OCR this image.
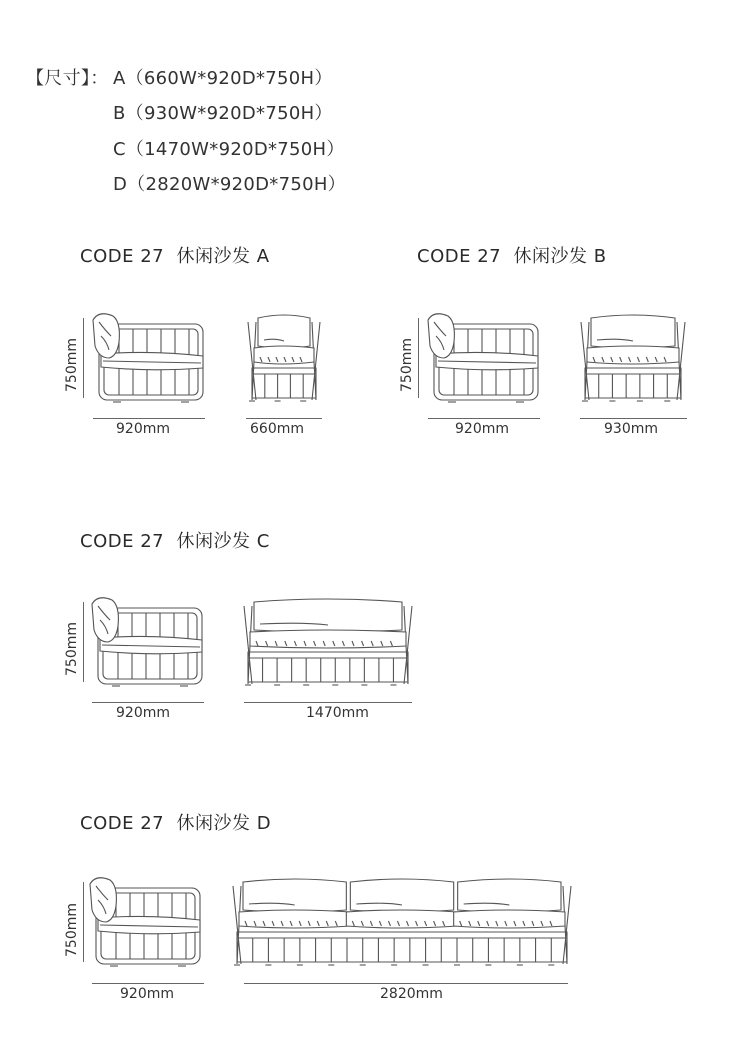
【尺寸】： A（660W*920D*750H）
B（930W*920D*750H）
C（1470W*920D*750H）
D（2820W*920D*750H）
CODE 27  休闲沙发 A
750mm
920mm	660mm
CODE 27  休闲沙发 B
750mm
920mm	930mm
CODE 27  休闲沙发 C
750mm
920mm	1470mm
CODE 27  休闲沙发 D
750mm
920mm	2820mm
